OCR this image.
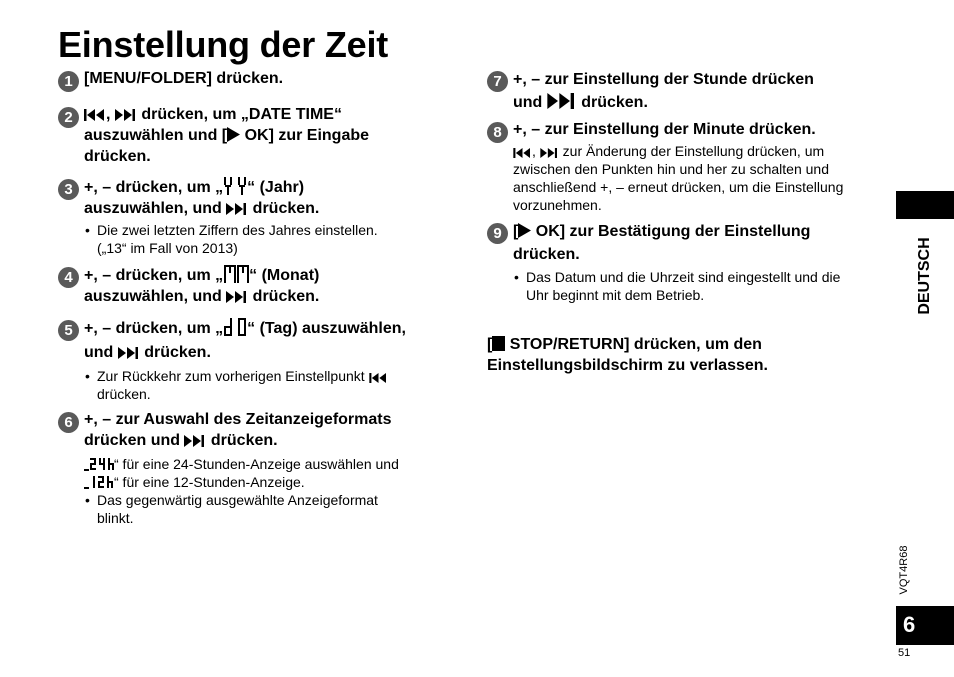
Einstellung der Zeit
1 [MENU/FOLDER] drücken.

2	,  drücken, um „DATE TIME“
auszuwählen und [ OK] zur Eingabe
drücken.

3 +, – drücken, um „ “ (Jahr)
auszuwählen, und  drücken.

• Die zwei letzten Ziffern des Jahres einstellen.
(„13“ im Fall von 2013)

4 +, – drücken, um „ “ (Monat)
auszuwählen, und  drücken.

5 +, – drücken, um „ “ (Tag) auszuwählen,
und  drücken.

• Zur Rückkehr zum vorherigen Einstellpunkt
drücken.

6 +, – zur Auswahl des Zeitanzeigeformats
drücken und  drücken.

“ für eine 24-Stunden-Anzeige auswählen und
“ für eine 12-Stunden-Anzeige.

• Das gegenwärtig ausgewählte Anzeigeformat
blinkt.

7 +, – zur Einstellung der Stunde drücken
und  drücken.

8 +, – zur Einstellung der Minute drücken.

,  zur Änderung der Einstellung drücken, um
zwischen den Punkten hin und her zu schalten und
anschließend +, – erneut drücken, um die Einstellung
vorzunehmen.

9 [ OK] zur Bestätigung der Einstellung
drücken.

• Das Datum und die Uhrzeit sind eingestellt und die
Uhr beginnt mit dem Betrieb.

[ STOP/RETURN] drücken, um den
Einstellungsbildschirm zu verlassen.

DEUTSCH
VQT4R68
6
51
